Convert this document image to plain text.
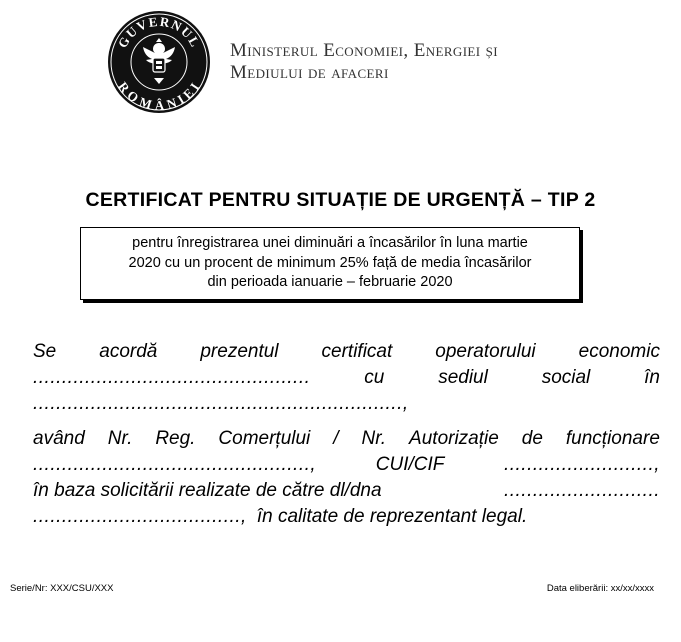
GUVERNUL
ROMÂNIEI
Ministerul Economiei, Energiei și
Mediului de afaceri
CERTIFICAT PENTRU SITUAȚIE DE URGENȚĂ – TIP 2
pentru înregistrarea unei diminuări a încasărilor în luna martie
2020 cu un procent de minimum 25% față de media încasărilor
din perioada ianuarie – februarie 2020
Se acordă prezentul certificat operatorului economic
................................................	cu	sediul	social	în
................................................................,
având Nr. Reg. Comerțului / Nr. Autorizație de funcționare
................................................,	CUI/CIF	..........................,
în baza solicitării realizate de către dl/dna	...........................
...................................., în calitate de reprezentant legal.
Serie/Nr: XXX/CSU/XXX	Data eliberării: xx/xx/xxxx
